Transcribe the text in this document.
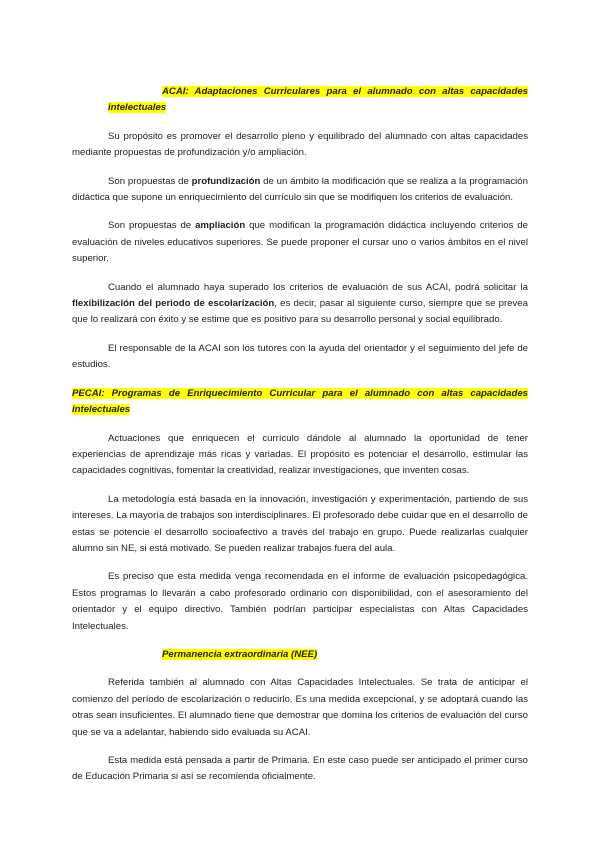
ACAI: Adaptaciones Curriculares para el alumnado con altas capacidades intelectuales

Su propósito es promover el desarrollo pleno y equilibrado del alumnado con altas capacidades mediante propuestas de profundización y/o ampliación.

Son propuestas de profundización de un ámbito la modificación que se realiza a la programación didáctica que supone un enriquecimiento del currículo sin que se modifiquen los criterios de evaluación.

Son propuestas de ampliación que modifican la programación didáctica incluyendo criterios de evaluación de niveles educativos superiores. Se puede proponer el cursar uno o varios ámbitos en el nivel superior.

Cuando el alumnado haya superado los criterios de evaluación de sus ACAI, podrá solicitar la flexibilización del periodo de escolarización, es decir, pasar al siguiente curso, siempre que se prevea que lo realizará con éxito y se estime que es positivo para su desarrollo personal y social equilibrado.

El responsable de la ACAI son los tutores con la ayuda del orientador y el seguimiento del jefe de estudios.

PECAI: Programas de Enriquecimiento Curricular para el alumnado con altas capacidades intelectuales

Actuaciones que enriquecen el currículo dándole al alumnado la oportunidad de tener experiencias de aprendizaje más ricas y variadas. El propósito es potenciar el desarrollo, estimular las capacidades cognitivas, fomentar la creatividad, realizar investigaciones, que inventen cosas.

La metodología está basada en la innovación, investigación y experimentación, partiendo de sus intereses. La mayoría de trabajos son interdisciplinares. El profesorado debe cuidar que en el desarrollo de estas se potencie el desarrollo socioafectivo a través del trabajo en grupo. Puede realizarlas cualquier alumno sin NE, si está motivado. Se pueden realizar trabajos fuera del aula.

Es preciso que esta medida venga recomendada en el informe de evaluación psicopedagógica. Estos programas lo llevarán a cabo profesorado ordinario con disponibilidad, con el asesoramiento del orientador y el equipo directivo. También podrían participar especialistas con Altas Capacidades Intelectuales.

Permanencia extraordinaria (NEE)

Referida también al alumnado con Altas Capacidades Intelectuales. Se trata de anticipar el comienzo del período de escolarización o reducirlo. Es una medida excepcional, y se adoptará cuando las otras sean insuficientes. El alumnado tiene que demostrar que domina los criterios de evaluación del curso que se va a adelantar, habiendo sido evaluada su ACAI.

Esta medida está pensada a partir de Primaria. En este caso puede ser anticipado el primer curso de Educación Primaria si así se recomienda oficialmente.
